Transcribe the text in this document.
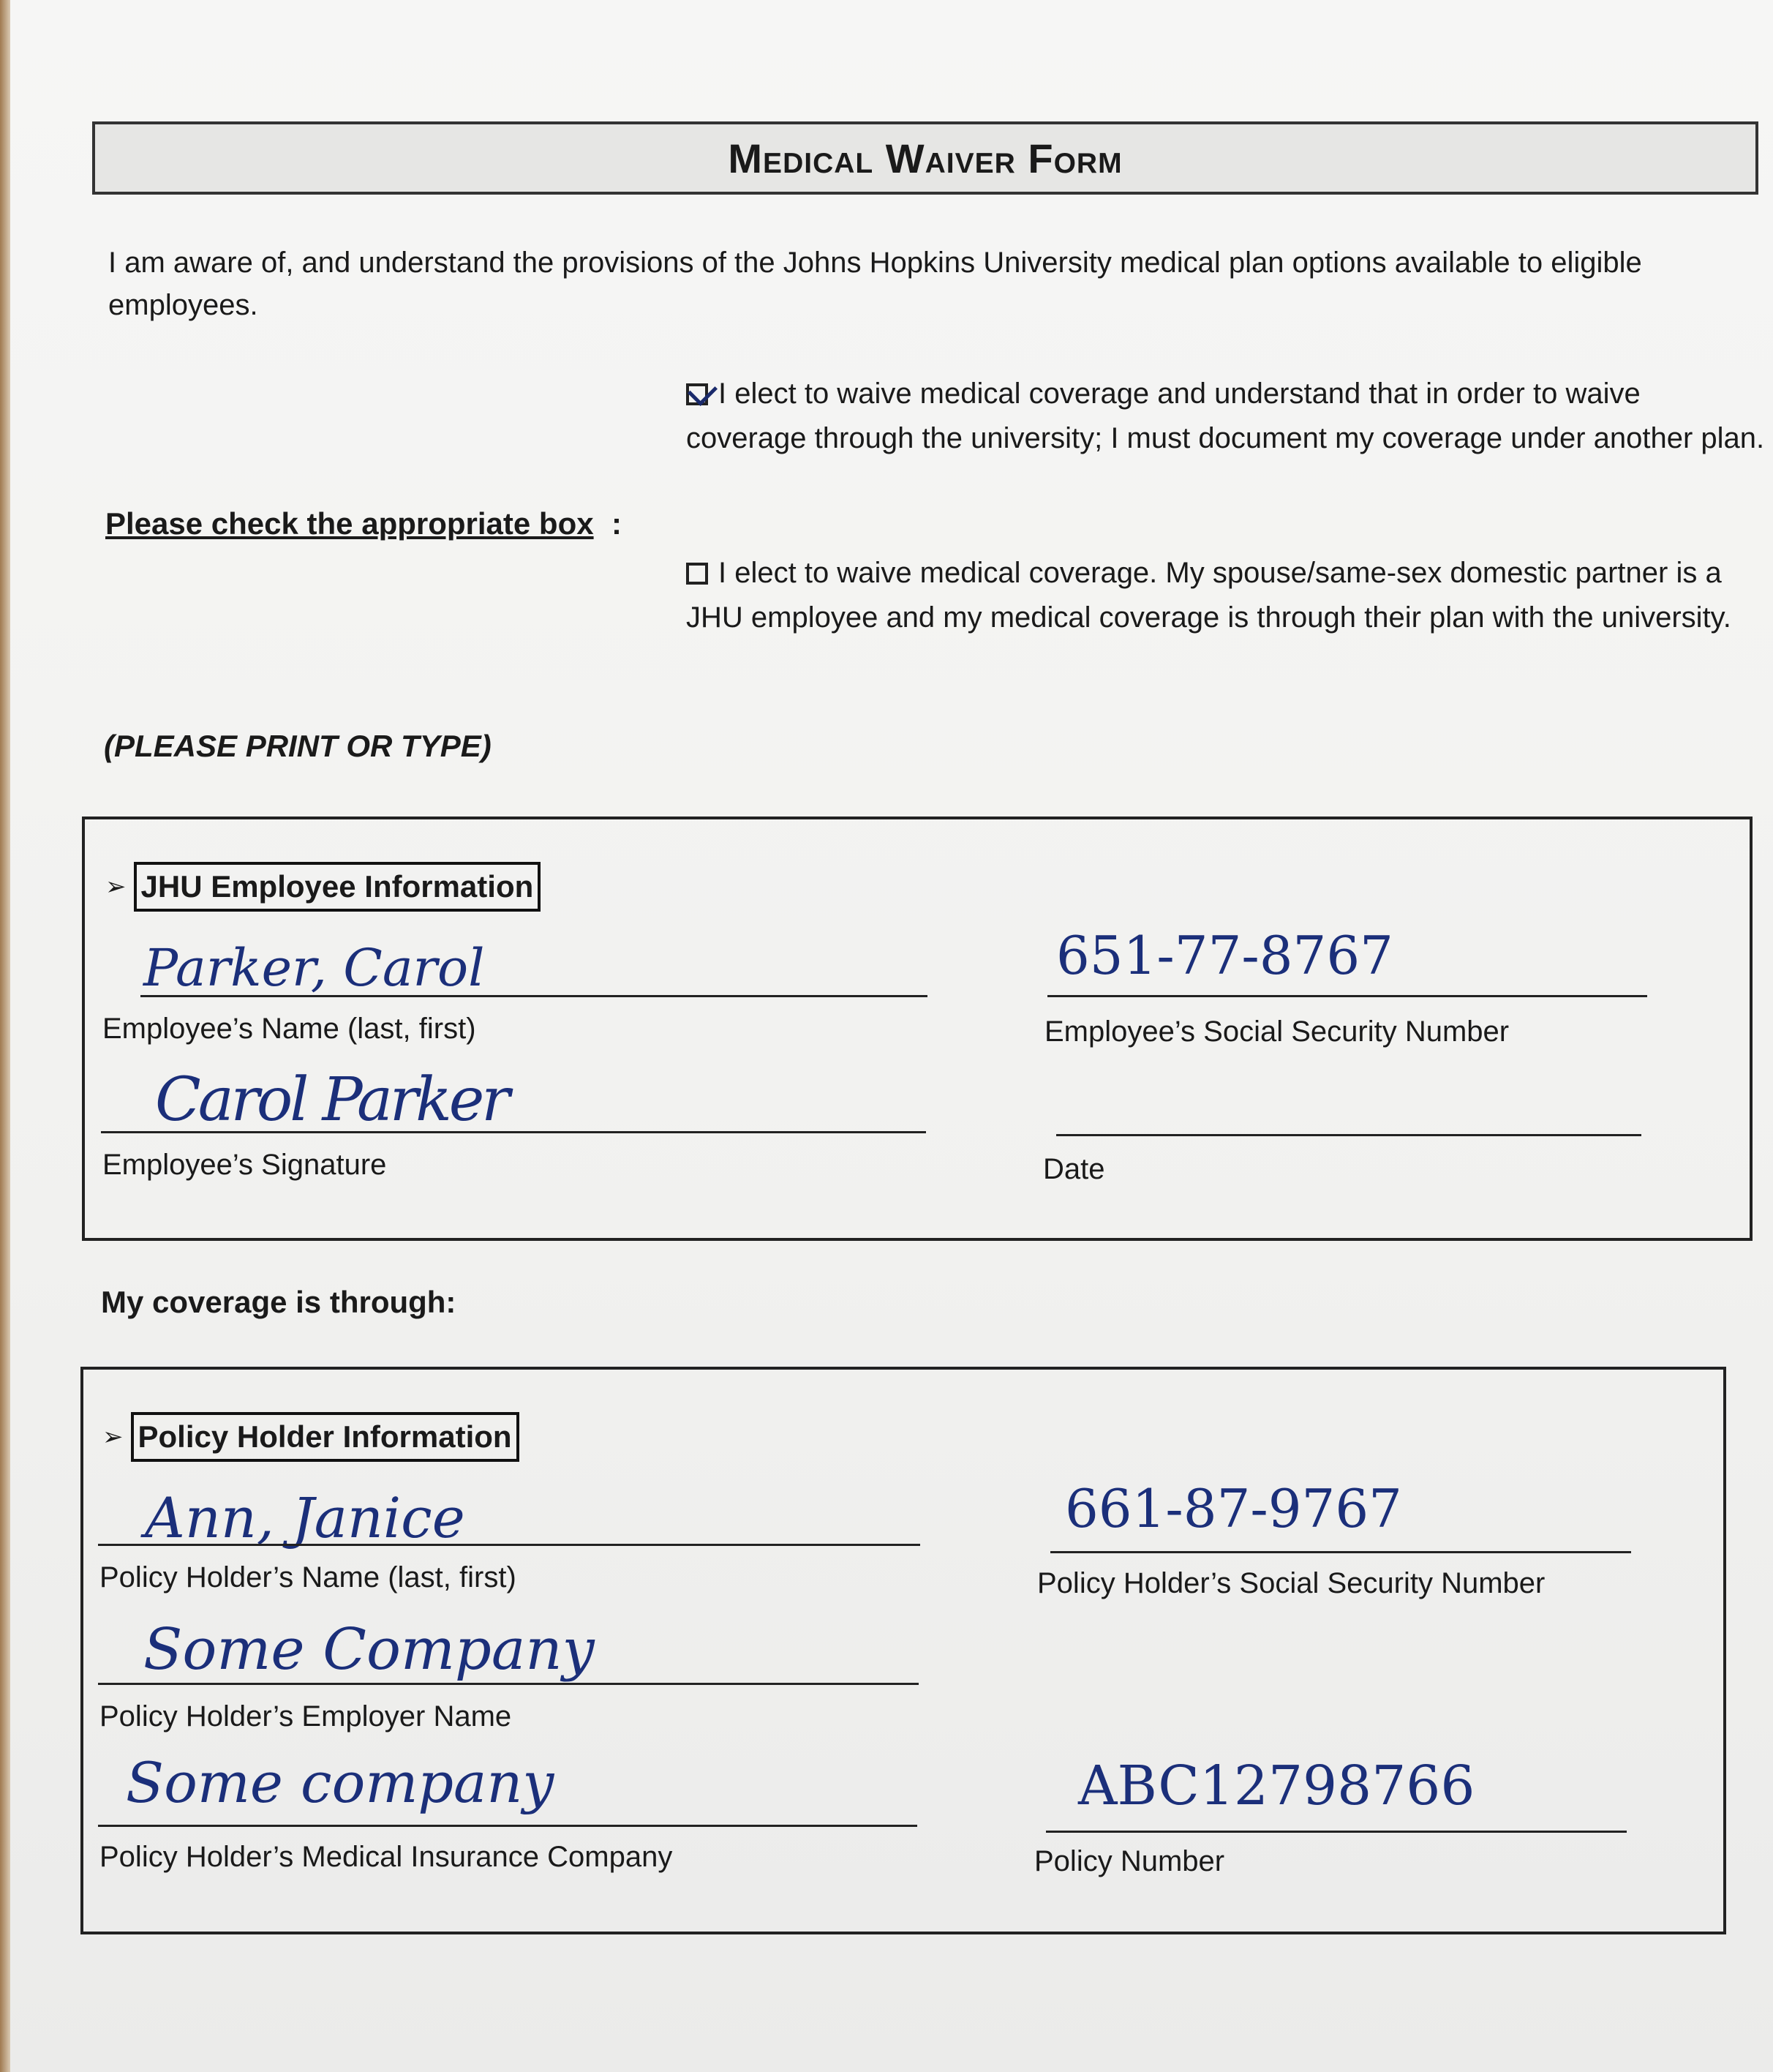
Medical Waiver Form
I am aware of, and understand the provisions of the Johns Hopkins University medical plan options available to eligible employees.
I elect to waive medical coverage and understand that in order to waive coverage through the university; I must document my coverage under another plan.
Please check the appropriate box :
I elect to waive medical coverage. My spouse/same-sex domestic partner is a JHU employee and my medical coverage is through their plan with the university.
(PLEASE PRINT OR TYPE)
➢ JHU Employee Information
Parker, Carol
Employee’s Name (last, first)
651-77-8767
Employee’s Social Security Number
Carol Parker
Employee’s Signature	Date
My coverage is through:
➢ Policy Holder Information
Ann, Janice
Policy Holder’s Name (last, first)
661-87-9767
Policy Holder’s Social Security Number
Some Company
Policy Holder’s Employer Name
Some company
Policy Holder’s Medical Insurance Company
ABC12798766
Policy Number
